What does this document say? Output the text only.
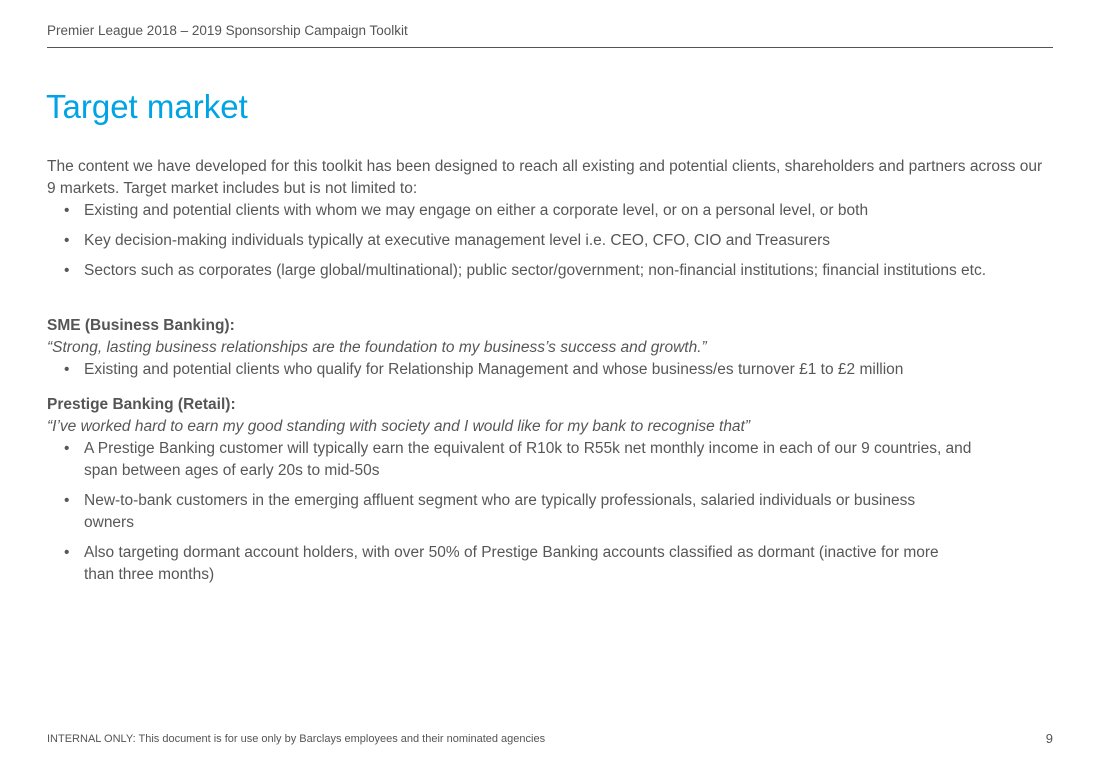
Premier League 2018 – 2019 Sponsorship Campaign Toolkit
Target market

The content we have developed for this toolkit has been designed to reach all existing and potential clients, shareholders and partners across our 9 markets. Target market includes but is not limited to:

• Existing and potential clients with whom we may engage on either a corporate level, or on a personal level, or both
• Key decision-making individuals typically at executive management level i.e. CEO, CFO, CIO and Treasurers
• Sectors such as corporates (large global/multinational); public sector/government; non-financial institutions; financial institutions etc.
SME (Business Banking):
“Strong, lasting business relationships are the foundation to my business’s success and growth.”
• Existing and potential clients who qualify for Relationship Management and whose business/es turnover £1 to £2 million
Prestige Banking (Retail):
“I’ve worked hard to earn my good standing with society and I would like for my bank to recognise that”
• A Prestige Banking customer will typically earn the equivalent of R10k to R55k net monthly income in each of our 9 countries, and span between ages of early 20s to mid-50s
• New-to-bank customers in the emerging affluent segment who are typically professionals, salaried individuals or business owners
• Also targeting dormant account holders, with over 50% of Prestige Banking accounts classified as dormant (inactive for more than three months)
INTERNAL ONLY: This document is for use only by Barclays employees and their nominated agencies	9
